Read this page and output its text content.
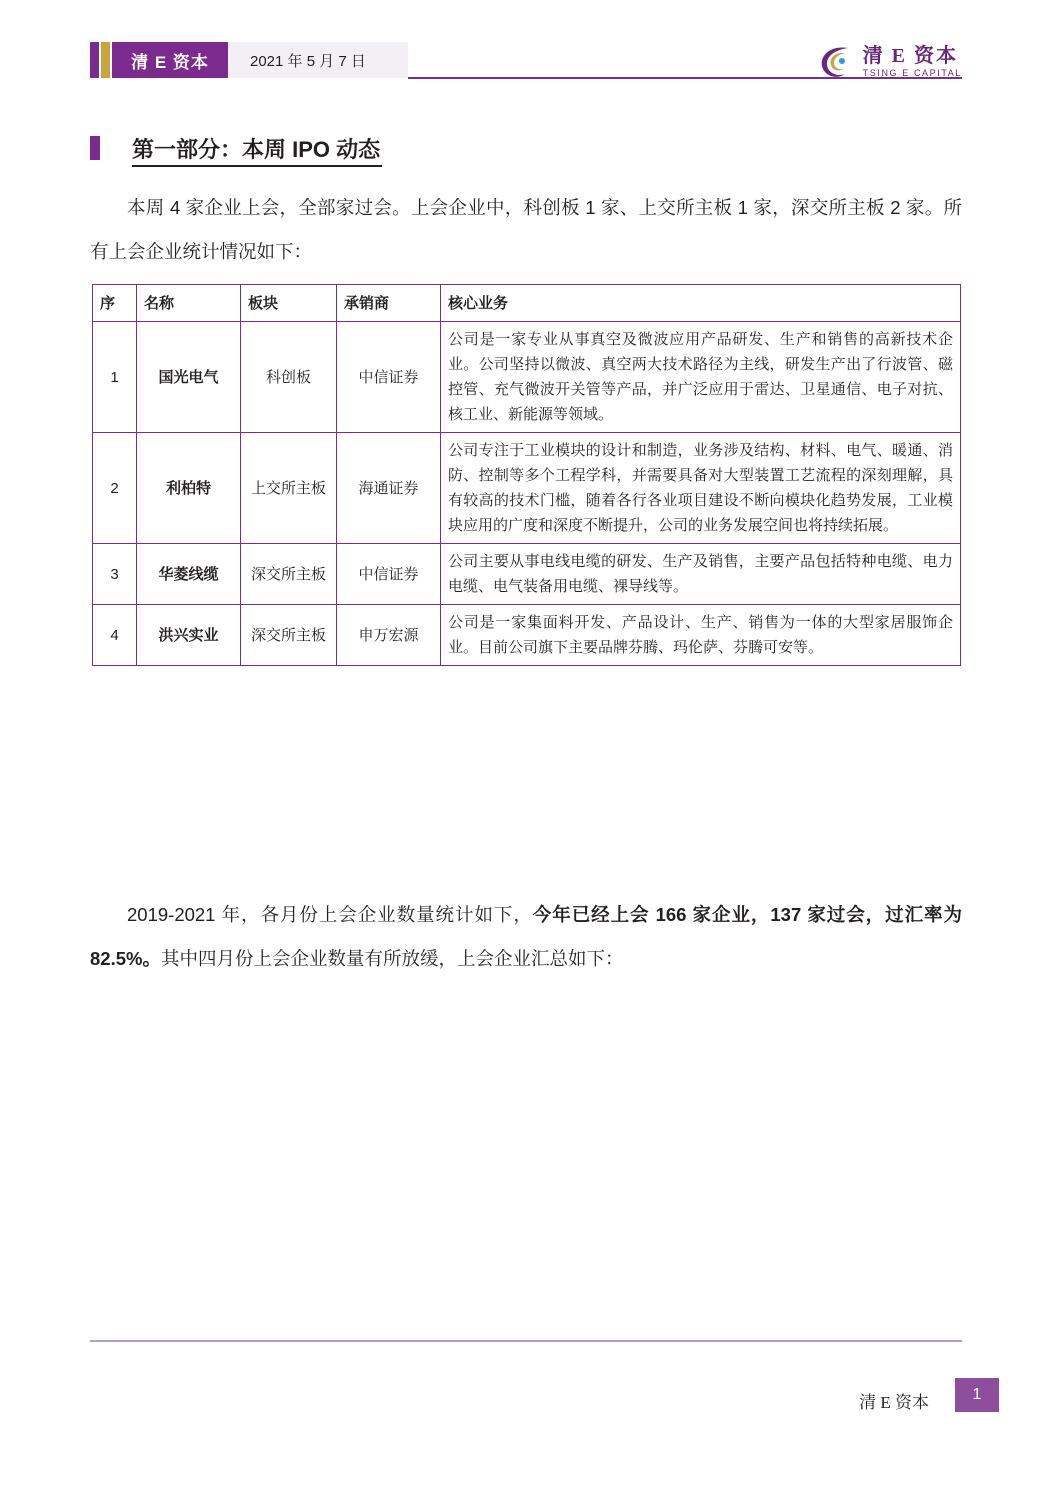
清 E 资本	2021 年 5 月 7 日	清 E 资本
TSING E CAPITAL
第一部分：本周 IPO 动态
本周 4 家企业上会，全部家过会。上会企业中，科创板 1 家、上交所主板 1 家，深交所主板 2 家。所有上会企业统计情况如下：
序	名称	板块	承销商	核心业务
1	国光电气	科创板	中信证券	公司是一家专业从事真空及微波应用产品研发、生产和销售的高新技术企业。公司坚持以微波、真空两大技术路径为主线，研发生产出了行波管、磁控管、充气微波开关管等产品，并广泛应用于雷达、卫星通信、电子对抗、核工业、新能源等领域。
2	利柏特	上交所主板	海通证券	公司专注于工业模块的设计和制造，业务涉及结构、材料、电气、暖通、消防、控制等多个工程学科，并需要具备对大型装置工艺流程的深刻理解，具有较高的技术门槛，随着各行各业项目建设不断向模块化趋势发展，工业模块应用的广度和深度不断提升，公司的业务发展空间也将持续拓展。
3	华菱线缆	深交所主板	中信证券	公司主要从事电线电缆的研发、生产及销售，主要产品包括特种电缆、电力电缆、电气装备用电缆、裸导线等。
4	洪兴实业	深交所主板	申万宏源	公司是一家集面料开发、产品设计、生产、销售为一体的大型家居服饰企业。目前公司旗下主要品牌芬腾、玛伦萨、芬腾可安等。
2019-2021 年，各月份上会企业数量统计如下，今年已经上会 166 家企业，137 家过会，过汇率为 82.5%。其中四月份上会企业数量有所放缓，上会企业汇总如下：
清 E 资本	1
